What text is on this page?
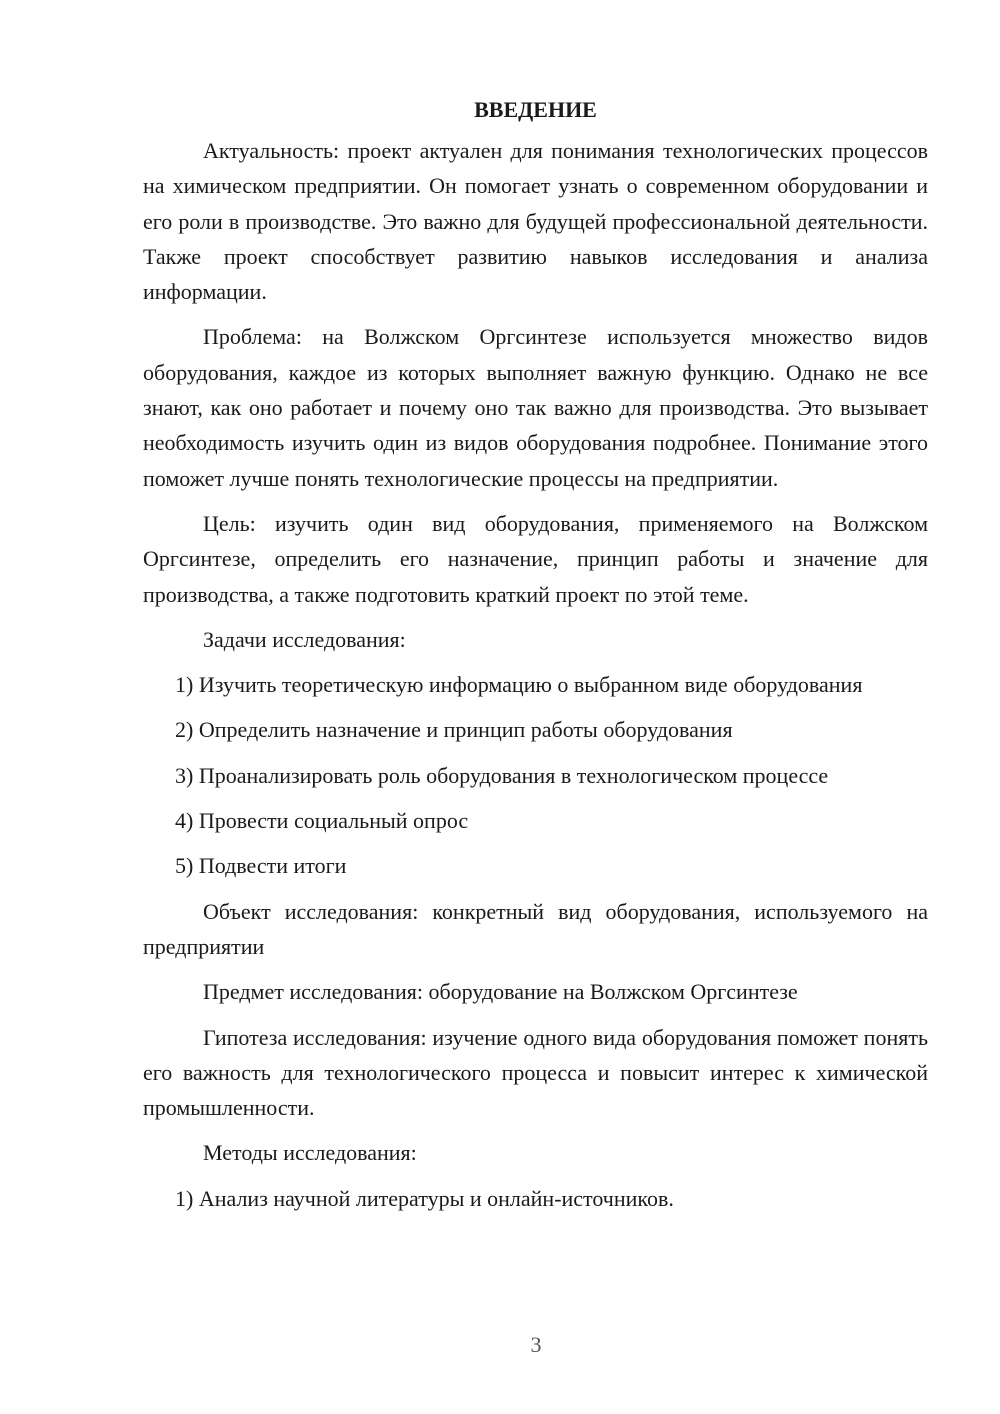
ВВЕДЕНИЕ

Актуальность: проект актуален для понимания технологических процессов на химическом предприятии. Он помогает узнать о современном оборудовании и его роли в производстве. Это важно для будущей профессиональной деятельности. Также проект способствует развитию навыков исследования и анализа информации.

Проблема: на Волжском Оргсинтезе используется множество видов оборудования, каждое из которых выполняет важную функцию. Однако не все знают, как оно работает и почему оно так важно для производства. Это вызывает необходимость изучить один из видов оборудования подробнее. Понимание этого поможет лучше понять технологические процессы на предприятии.

Цель: изучить один вид оборудования, применяемого на Волжском Оргсинтезе, определить его назначение, принцип работы и значение для производства, а также подготовить краткий проект по этой теме.

Задачи исследования:

1) Изучить теоретическую информацию о выбранном виде оборудования

2) Определить назначение и принцип работы оборудования

3) Проанализировать роль оборудования в технологическом процессе

4) Провести социальный опрос

5) Подвести итоги

Объект исследования: конкретный вид оборудования, используемого на предприятии

Предмет исследования: оборудование на Волжском Оргсинтезе

Гипотеза исследования: изучение одного вида оборудования поможет понять его важность для технологического процесса и повысит интерес к химической промышленности.

Методы исследования:

1) Анализ научной литературы и онлайн-источников.

3
